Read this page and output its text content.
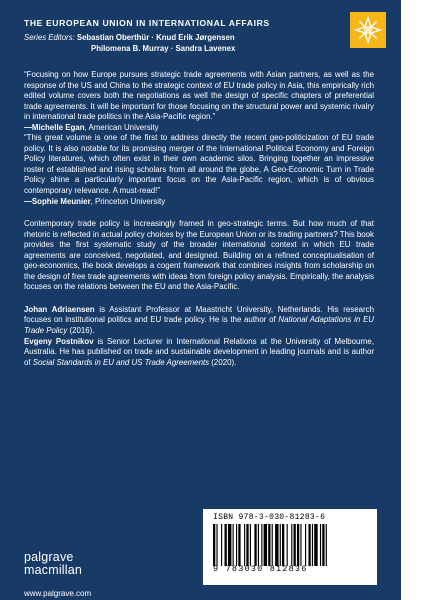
THE EUROPEAN UNION IN INTERNATIONAL AFFAIRS
Series Editors: Sebastian Oberthür · Knud Erik Jørgensen
Philomena B. Murray · Sandra Lavenex

“Focusing on how Europe pursues strategic trade agreements with Asian partners, as well as the response of the US and China to the strategic context of EU trade policy in Asia, this empirically rich edited volume covers both the negotiations as well the design of specific chapters of preferential trade agreements. It will be important for those focusing on the structural power and systemic rivalry in international trade politics in the Asia-Pacific region.”

—Michelle Egan, American University

“This great volume is one of the first to address directly the recent geo-politicization of EU trade policy. It is also notable for its promising merger of the International Political Economy and Foreign Policy literatures, which often exist in their own academic silos. Bringing together an impressive roster of established and rising scholars from all around the globe, A Geo-Economic Turn in Trade Policy shine a particularly important focus on the Asia-Pacific region, which is of obvious contemporary relevance. A must-read!”

—Sophie Meunier, Princeton University

Contemporary trade policy is increasingly framed in geo-strategic terms. But how much of that rhetoric is reflected in actual policy choices by the European Union or its trading partners? This book provides the first systematic study of the broader international context in which EU trade agreements are conceived, negotiated, and designed. Building on a refined conceptualisation of geo-economics, the book develops a cogent framework that combines insights from scholarship on the design of free trade agreements with ideas from foreign policy analysis. Empirically, the analysis focuses on the relations between the EU and the Asia-Pacific.

Johan Adriaensen is Assistant Professor at Maastricht University, Netherlands. His research focuses on institutional politics and EU trade policy. He is the author of National Adaptations in EU Trade Policy (2016).

Evgeny Postnikov is Senior Lecturer in International Relations at the University of Melbourne, Australia. He has published on trade and sustainable development in leading journals and is author of Social Standards in EU and US Trade Agreements (2020).

palgrave
macmillan
ISBN 978-3-030-81283-6
9 783030 812836
www.palgrave.com
